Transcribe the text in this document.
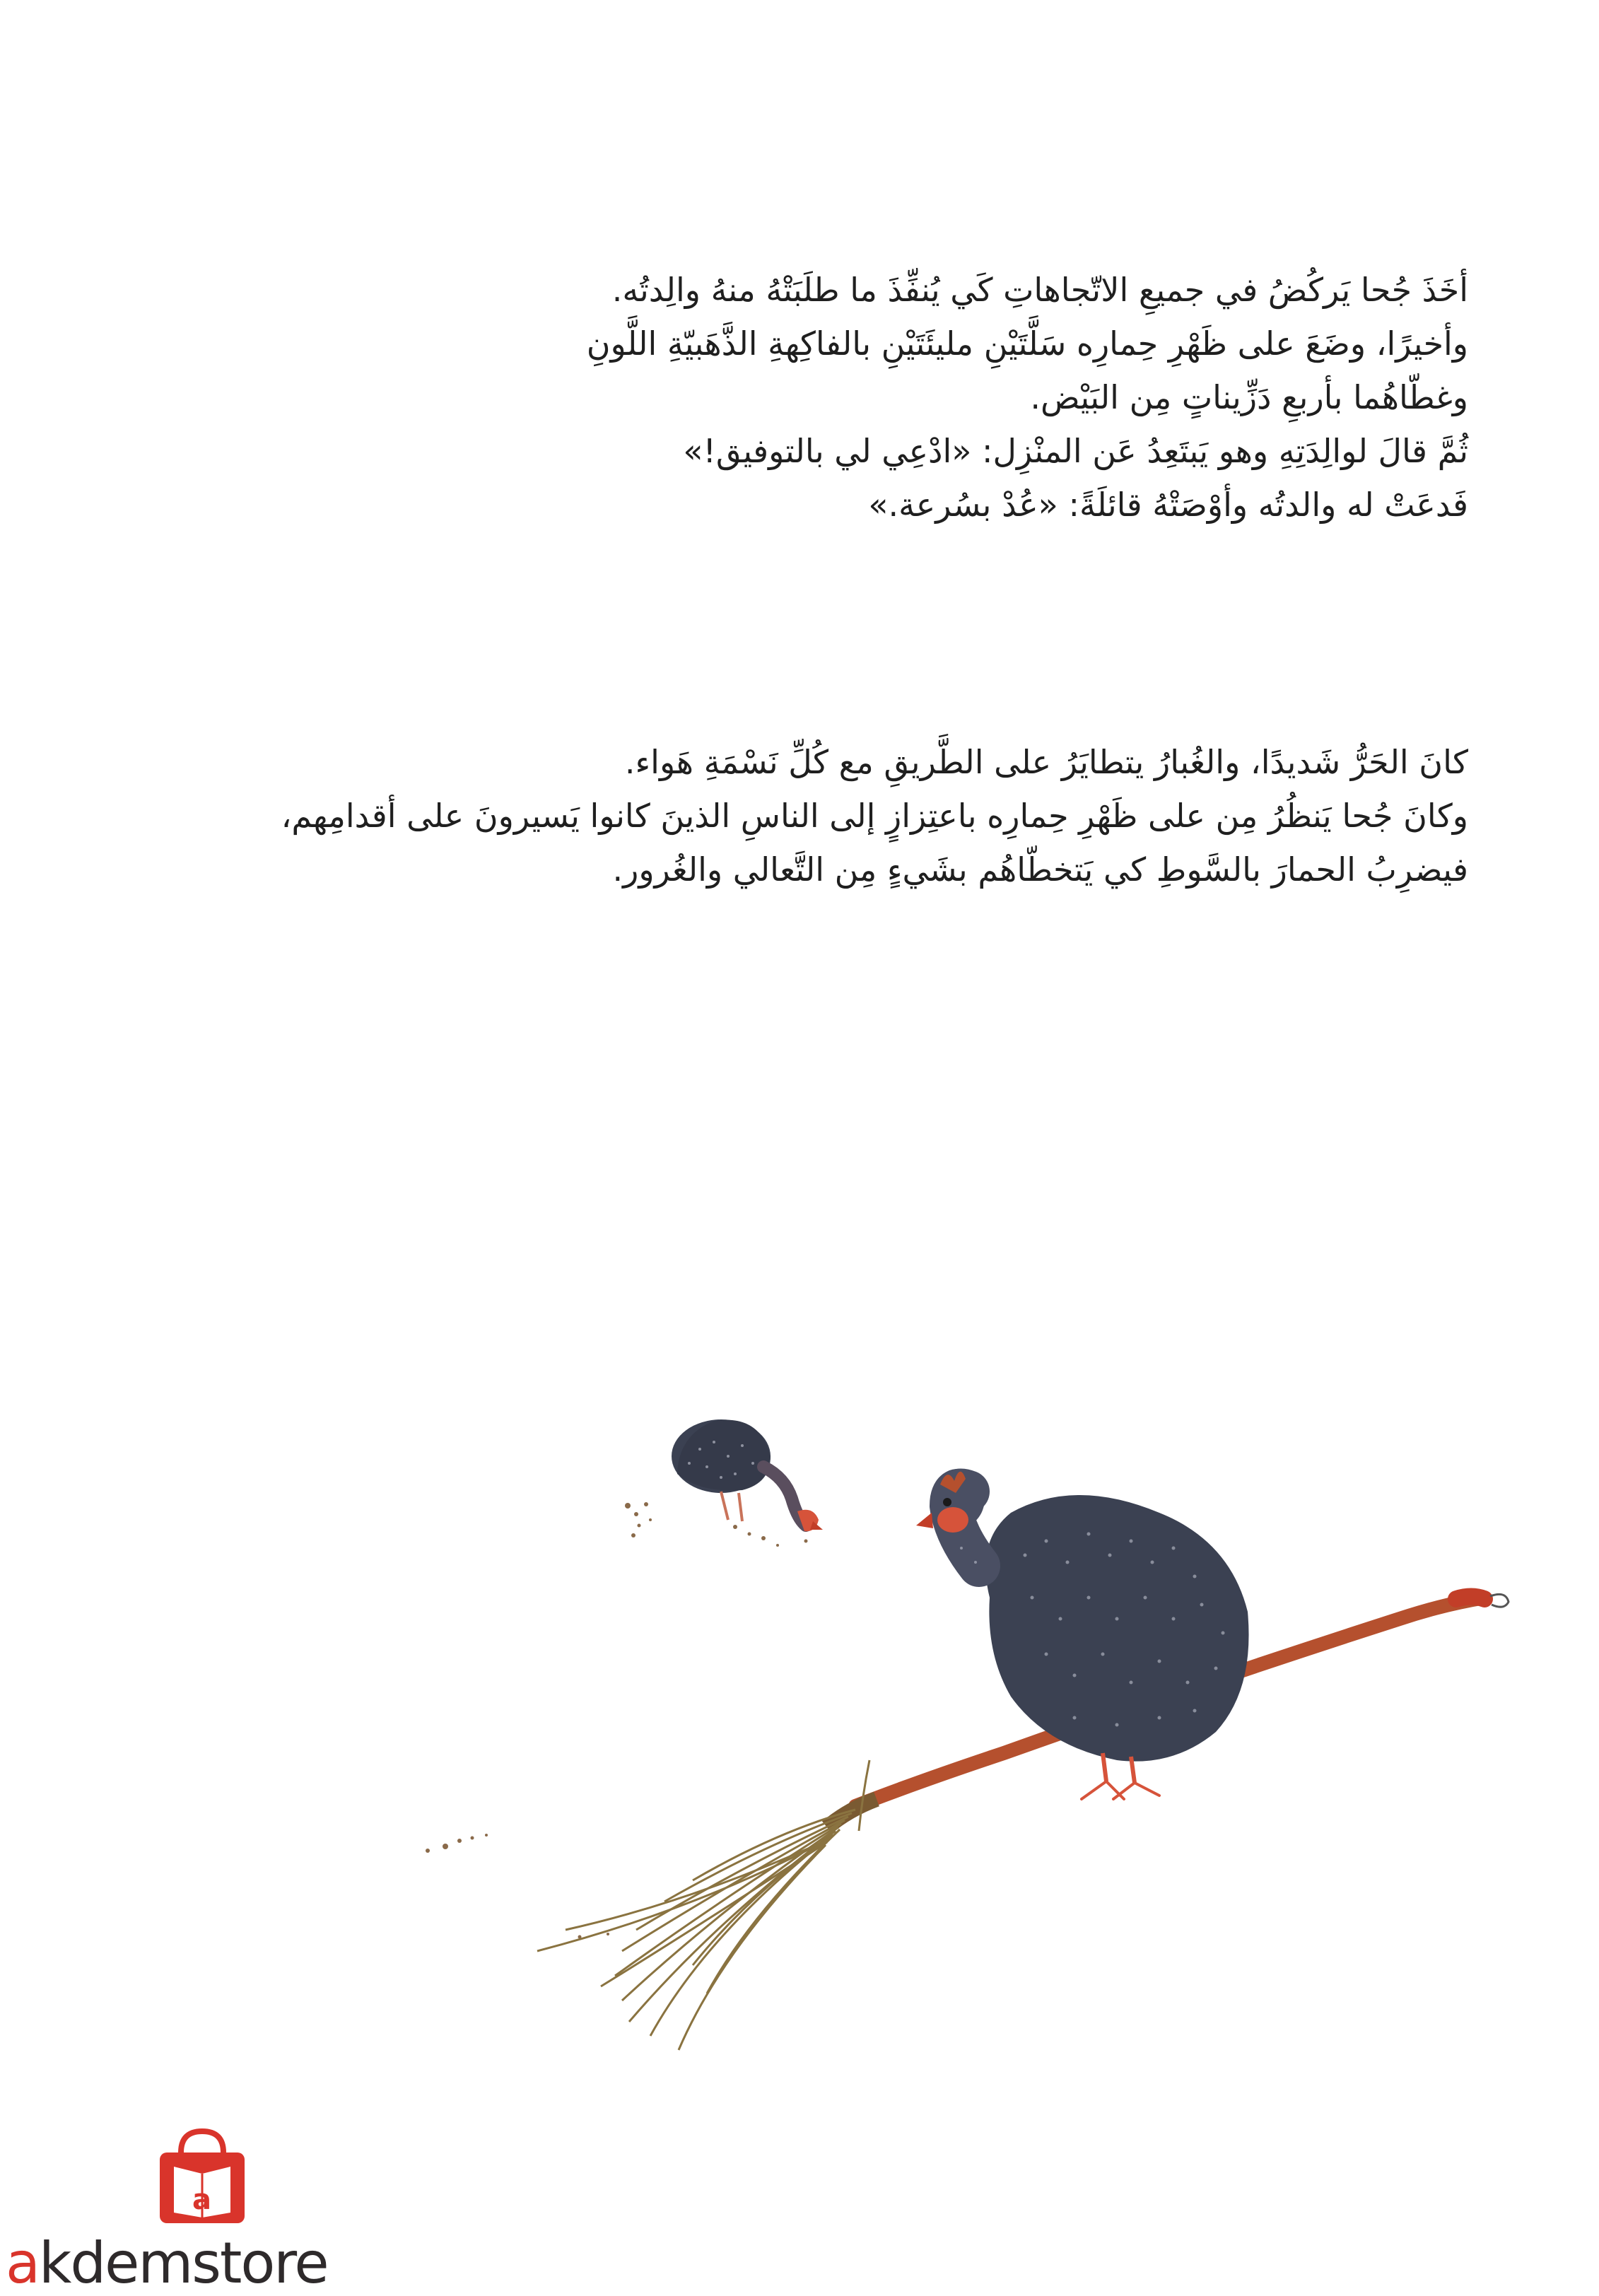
أخَذَ جُحا يَركُضُ في جميعِ الاتّجاهاتِ كَي يُنفِّذَ ما طلَبَتْهُ منهُ والِدتُه.
وأخيرًا، وضَعَ على ظَهْرِ حِمارِه سَلَّتَيْنِ مليئَتَيْنِ بالفاكِهةِ الذَّهَبيّةِ اللَّونِ
وغطّاهُما بأربعِ دَزِّيناتٍ مِن البَيْض.
ثُمَّ قالَ لوالِدَتِهِ وهو يَبتَعِدُ عَن المنْزِل: «ادْعِي لي بالتوفيق!»
فَدعَتْ له والدتُه وأوْصَتْهُ قائلَةً: «عُدْ بسُرعة.»
كانَ الحَرُّ شَديدًا، والغُبارُ يتطايَرُ على الطَّريقِ مع كُلِّ نَسْمَةِ هَواء.
وكانَ جُحا يَنظُرُ مِن على ظَهْرِ حِمارِه باعتِزازٍ إلى الناسِ الذينَ كانوا يَسيرونَ على أقدامِهم،
فيضرِبُ الحمارَ بالسَّوطِ كي يَتخطّاهُم بشَيءٍ مِن التَّعالي والغُرور.
a
akdemstore
